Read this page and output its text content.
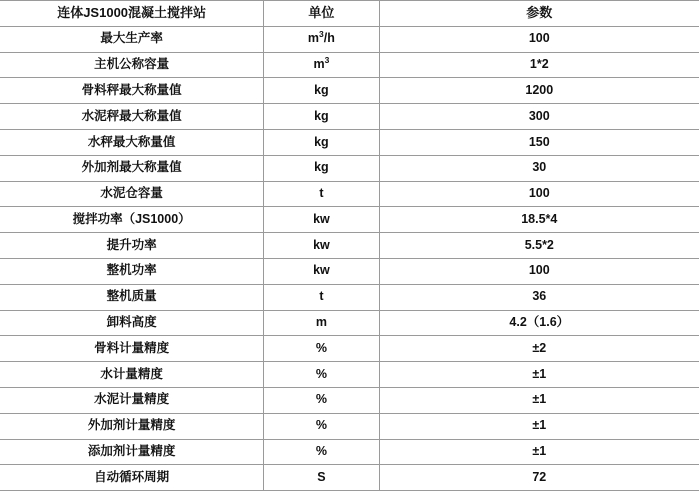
连体JS1000混凝土搅拌站	单位	参数
最大生产率	$m^3/h$	100
主机公称容量	$m^3$	1*2
骨料秤最大称量值	kg	1200
水泥秤最大称量值	kg	300
水秤最大称量值	kg	150
外加剂最大称量值	kg	30
水泥仓容量	t	100
搅拌功率（JS1000）	kw	18.5*4
提升功率	kw	5.5*2
整机功率	kw	100
整机质量	t	36
卸料高度	m	4.2（1.6）
骨料计量精度	%	±2
水计量精度	%	±1
水泥计量精度	%	±1
外加剂计量精度	%	±1
添加剂计量精度	%	±1
自动循环周期	S	72
